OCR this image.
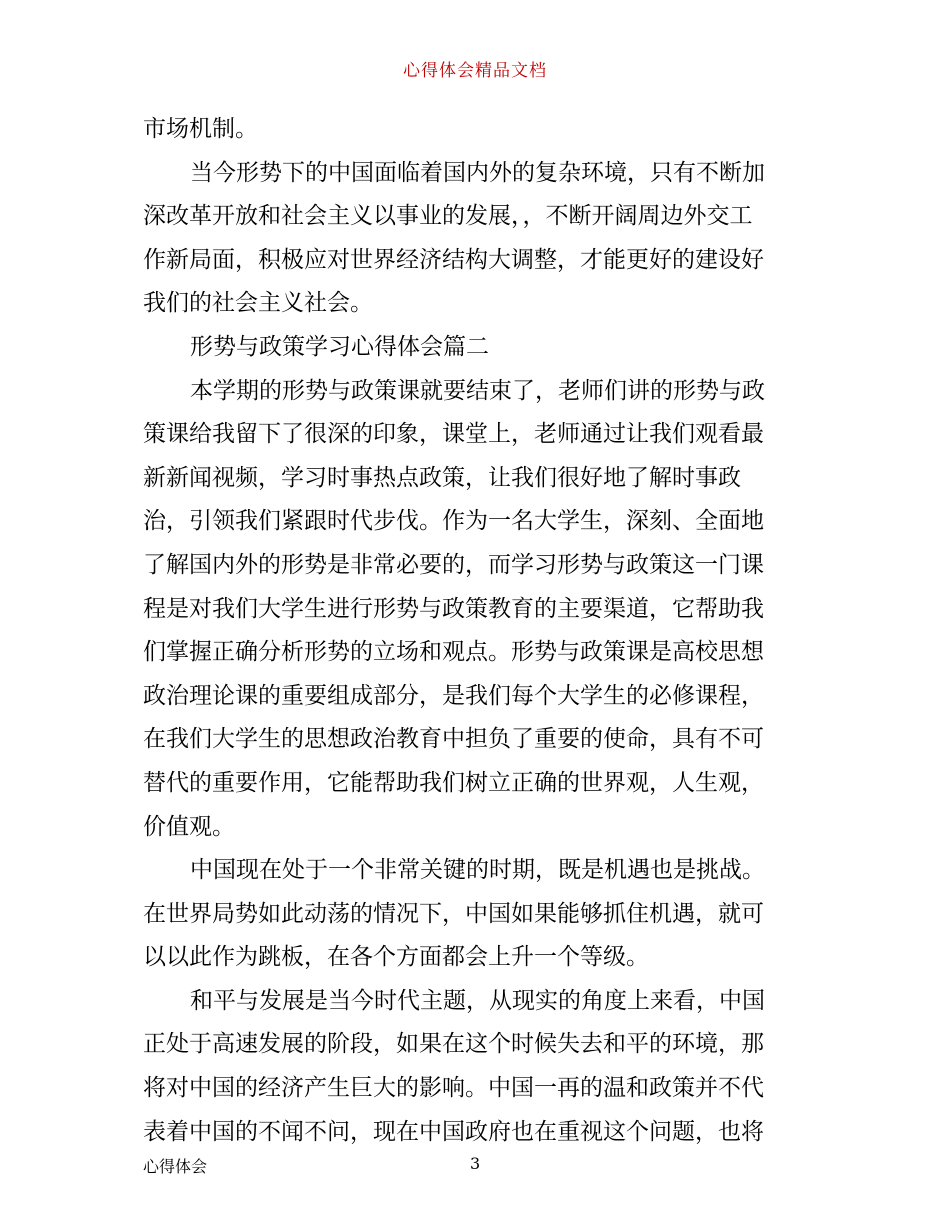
心得体会精品文档
市场机制。
当今形势下的中国面临着国内外的复杂环境，只有不断加
深改革开放和社会主义以事业的发展，，不断开阔周边外交工
作新局面，积极应对世界经济结构大调整，才能更好的建设好
我们的社会主义社会。
形势与政策学习心得体会篇二
本学期的形势与政策课就要结束了，老师们讲的形势与政
策课给我留下了很深的印象，课堂上，老师通过让我们观看最
新新闻视频，学习时事热点政策，让我们很好地了解时事政
治，引领我们紧跟时代步伐。作为一名大学生，深刻、全面地
了解国内外的形势是非常必要的，而学习形势与政策这一门课
程是对我们大学生进行形势与政策教育的主要渠道，它帮助我
们掌握正确分析形势的立场和观点。形势与政策课是高校思想
政治理论课的重要组成部分，是我们每个大学生的必修课程，
在我们大学生的思想政治教育中担负了重要的使命，具有不可
替代的重要作用，它能帮助我们树立正确的世界观，人生观，
价值观。
中国现在处于一个非常关键的时期，既是机遇也是挑战。
在世界局势如此动荡的情况下，中国如果能够抓住机遇，就可
以以此作为跳板，在各个方面都会上升一个等级。
和平与发展是当今时代主题，从现实的角度上来看，中国
正处于高速发展的阶段，如果在这个时候失去和平的环境，那
将对中国的经济产生巨大的影响。中国一再的温和政策并不代
表着中国的不闻不问，现在中国政府也在重视这个问题，也将
心得体会	3
